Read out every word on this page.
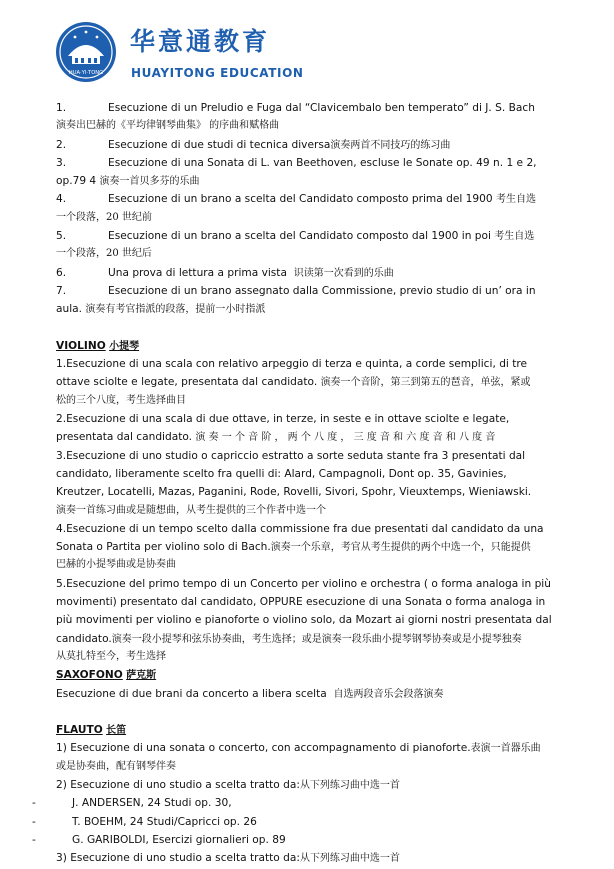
HUA·YI·TONG
华意通教育
HUAYITONG EDUCATION
1.	Esecuzione di un Preludio e Fuga dal “Clavicembalo ben temperato” di J. S. Bach
演奏出巴赫的《平均律钢琴曲集》 的序曲和赋格曲
2.	Esecuzione di due studi di tecnica diversa演奏两首不同技巧的练习曲
3.	Esecuzione di una Sonata di L. van Beethoven, escluse le Sonate op. 49 n. 1 e 2,
op.79 4 演奏一首贝多芬的乐曲
4.	Esecuzione di un brano a scelta del Candidato composto prima del 1900 考生自选
一个段落，20 世纪前
5.	Esecuzione di un brano a scelta del Candidato composto dal 1900 in poi 考生自选
一个段落，20 世纪后
6.	Una prova di lettura a prima vista 识读第一次看到的乐曲
7.	Esecuzione di un brano assegnato dalla Commissione, previo studio di un’ ora in
aula. 演奏有考官指派的段落，提前一小时指派
VIOLINO 小提琴
1.Esecuzione di una scala con relativo arpeggio di terza e quinta, a corde semplici, di tre
ottave sciolte e legate, presentata dal candidato. 演奏一个音阶，第三到第五的琶音，单弦，紧或
松的三个八度，考生选择曲目
2.Esecuzione di una scala di due ottave, in terze, in seste e in ottave sciolte e legate,
presentata dal candidato. 演 奏 一 个 音 阶 ， 两 个 八 度 ， 三 度 音 和 六 度 音 和 八 度 音
3.Esecuzione di uno studio o capriccio estratto a sorte seduta stante fra 3 presentati dal
candidato, liberamente scelto fra quelli di: Alard, Campagnoli, Dont op. 35, Gavinies,
Kreutzer, Locatelli, Mazas, Paganini, Rode, Rovelli, Sivori, Spohr, Vieuxtemps, Wieniawski.
演奏一首练习曲或是随想曲，从考生提供的三个作者中选一个
4.Esecuzione di un tempo scelto dalla commissione fra due presentati dal candidato da una
Sonata o Partita per violino solo di Bach.演奏一个乐章，考官从考生提供的两个中选一个，只能提供
巴赫的小提琴曲或是协奏曲
5.Esecuzione del primo tempo di un Concerto per violino e orchestra ( o forma analoga in più
movimenti) presentato dal candidato, OPPURE esecuzione di una Sonata o forma analoga in
più movimenti per violino e pianoforte o violino solo, da Mozart ai giorni nostri presentata dal
candidato.演奏一段小提琴和弦乐协奏曲，考生选择；或是演奏一段乐曲小提琴钢琴协奏或是小提琴独奏
从莫扎特至今，考生选择
SAXOFONO 萨克斯
Esecuzione di due brani da concerto a libera scelta 自选两段音乐会段落演奏
FLAUTO 长笛
1) Esecuzione di una sonata o concerto, con accompagnamento di pianoforte.表演一首器乐曲
或是协奏曲，配有钢琴伴奏
2) Esecuzione di uno studio a scelta tratto da:从下列练习曲中选一首
-	J. ANDERSEN, 24 Studi op. 30,
-	T. BOEHM, 24 Studi/Capricci op. 26
-	G. GARIBOLDI, Esercizi giornalieri op. 89
3) Esecuzione di uno studio a scelta tratto da:从下列练习曲中选一首
